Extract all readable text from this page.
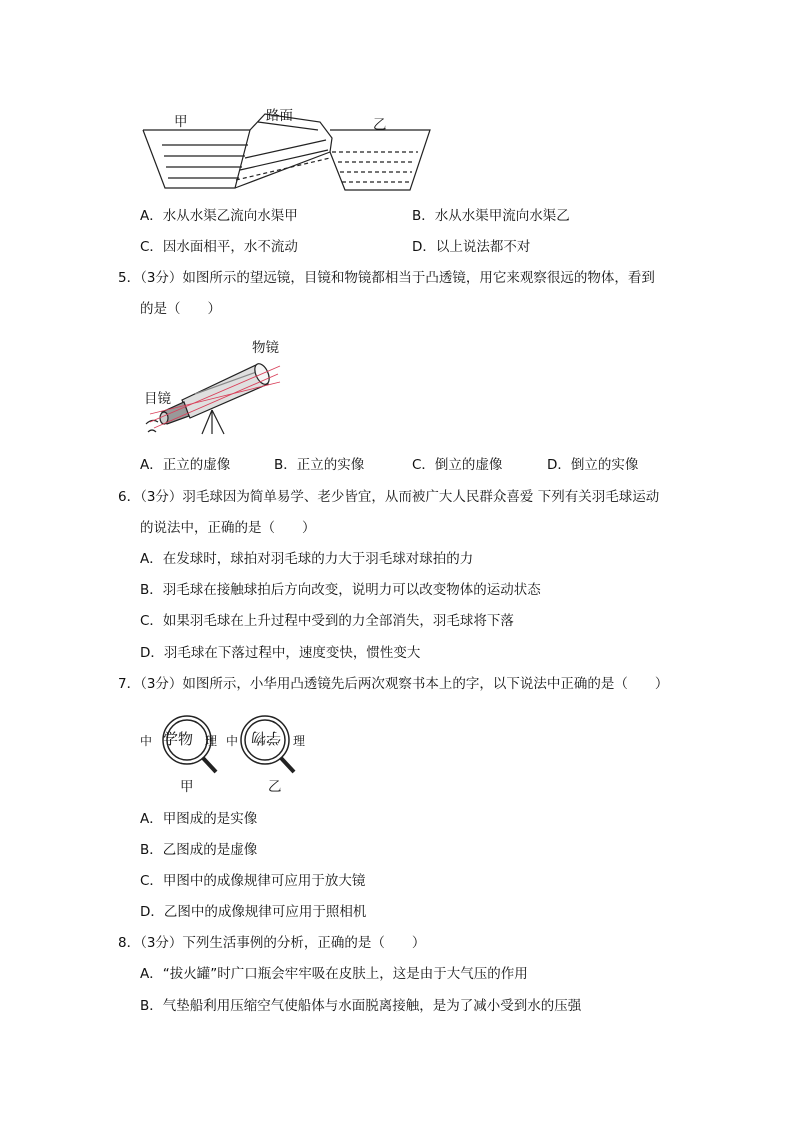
甲	路面
乙
A．水从水渠乙流向水渠甲	B．水从水渠甲流向水渠乙
C．因水面相平，水不流动	D．以上说法都不对
5．（3分）如图所示的望远镜，目镜和物镜都相当于凸透镜，用它来观察很远的物体，看到
的是（　　）
物镜
目镜
A．正立的虚像	B．正立的实像	C．倒立的虚像	D．倒立的实像
6．（3分）羽毛球因为简单易学、老少皆宜，从而被广大人民群众喜爱 下列有关羽毛球运动
的说法中，正确的是（　　）
A．在发球时，球拍对羽毛球的力大于羽毛球对球拍的力
B．羽毛球在接触球拍后方向改变，说明力可以改变物体的运动状态
C．如果羽毛球在上升过程中受到的力全部消失，羽毛球将下落
D．羽毛球在下落过程中，速度变快，惯性变大
7．（3分）如图所示，小华用凸透镜先后两次观察书本上的字，以下说法中正确的是（　　）
中 学物 理
甲
中 学物 理
乙
A．甲图成的是实像
B．乙图成的是虚像
C．甲图中的成像规律可应用于放大镜
D．乙图中的成像规律可应用于照相机
8．（3分）下列生活事例的分析，正确的是（　　）
A．“拔火罐”时广口瓶会牢牢吸在皮肤上，这是由于大气压的作用
B．气垫船利用压缩空气使船体与水面脱离接触，是为了减小受到水的压强
